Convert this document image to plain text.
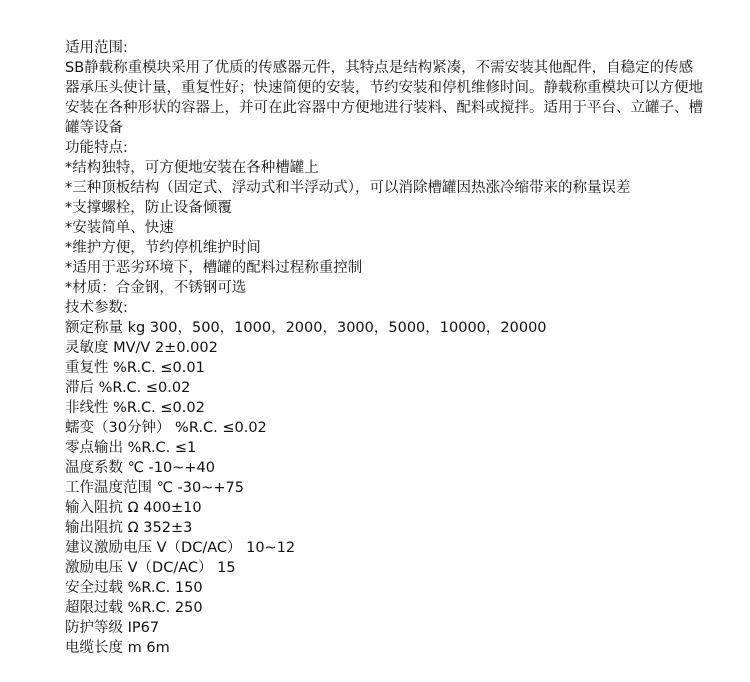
适用范围:

SB静载称重模块采用了优质的传感器元件，其特点是结构紧凑，不需安装其他配件，自稳定的传感器承压头使计量，重复性好；快速简便的安装，节约安装和停机维修时间。静载称重模块可以方便地安装在各种形状的容器上，并可在此容器中方便地进行装料、配料或搅拌。适用于平台、立罐子、槽罐等设备

功能特点:

*结构独特，可方便地安装在各种槽罐上

*三种顶板结构（固定式、浮动式和半浮动式），可以消除槽罐因热涨冷缩带来的称量误差

*支撑螺栓，防止设备倾覆

*安装简单、快速

*维护方便，节约停机维护时间

*适用于恶劣环境下，槽罐的配料过程称重控制

*材质：合金钢，不锈钢可选

技术参数:

额定称量 kg 300，500，1000，2000，3000，5000，10000，20000

灵敏度 MV/V 2±0.002

重复性 %R.C. ≤0.01

滞后 %R.C. ≤0.02

非线性 %R.C. ≤0.02

蠕变（30分钟） %R.C. ≤0.02

零点输出 %R.C. ≤1

温度系数 ℃ -10~+40

工作温度范围 ℃ -30~+75

输入阻抗 Ω 400±10

输出阻抗 Ω 352±3

建议激励电压 V（DC/AC） 10~12

激励电压 V（DC/AC） 15

安全过载 %R.C. 150

超限过载 %R.C. 250

防护等级 IP67

电缆长度 m 6m
